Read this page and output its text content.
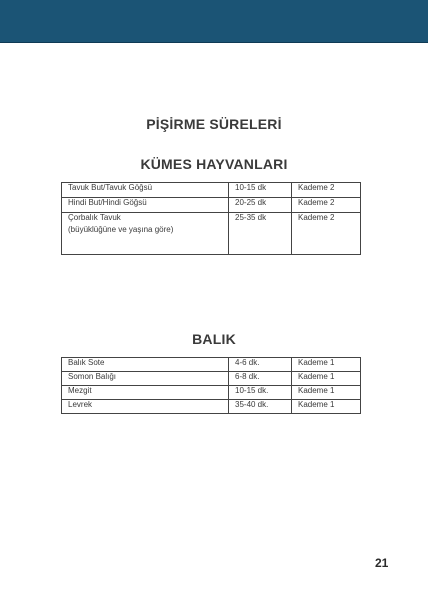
PİŞİRME SÜRELERİ
KÜMES HAYVANLARI
Tavuk But/Tavuk Göğsü	10-15 dk	Kademe 2
Hindi But/Hindi Göğsü	20-25 dk	Kademe 2
Çorbalık Tavuk
(büyüklüğüne ve yaşına göre)	25-35 dk	Kademe 2
BALIK
Balık Sote	4-6 dk.	Kademe 1
Somon Balığı	6-8 dk.	Kademe 1
Mezgit	10-15 dk.	Kademe 1
Levrek	35-40 dk.	Kademe 1
21
